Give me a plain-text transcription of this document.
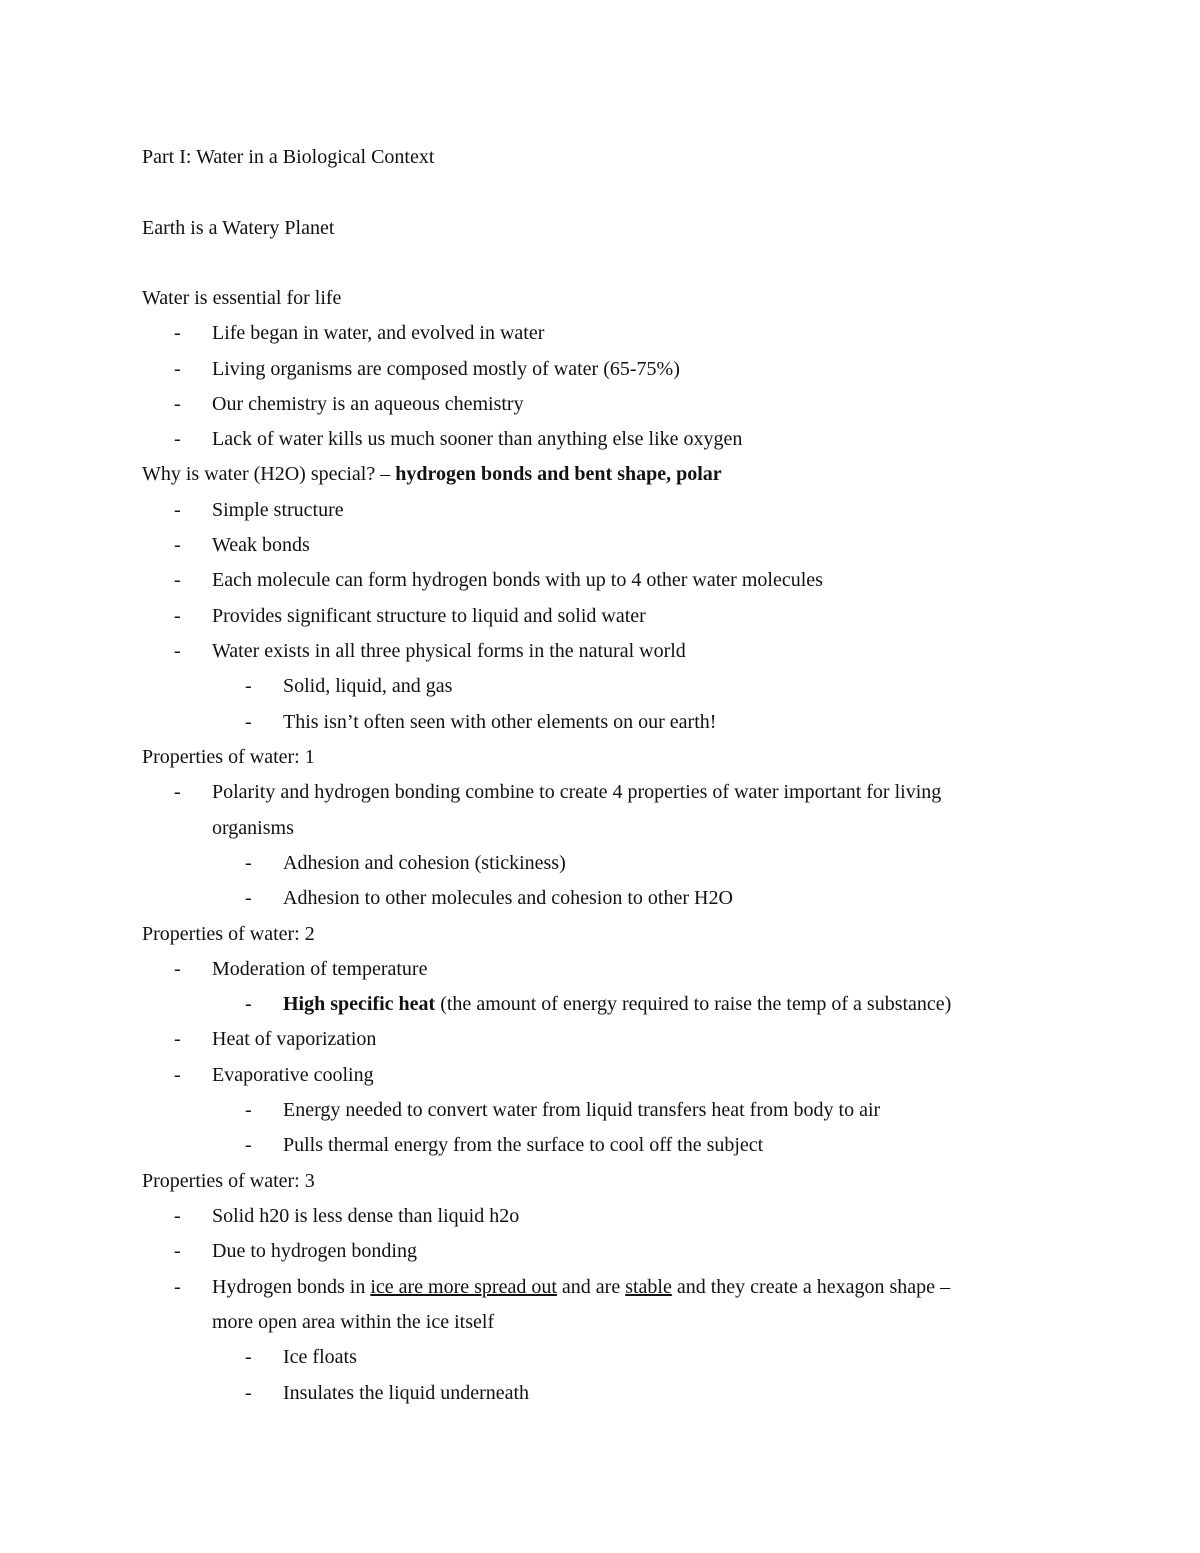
Part I: Water in a Biological Context
Earth is a Watery Planet
Water is essential for life
-	Life began in water, and evolved in water
-	Living organisms are composed mostly of water (65-75%)
-	Our chemistry is an aqueous chemistry
-	Lack of water kills us much sooner than anything else like oxygen
Why is water (H2O) special? – hydrogen bonds and bent shape, polar
-	Simple structure
-	Weak bonds
-	Each molecule can form hydrogen bonds with up to 4 other water molecules
-	Provides significant structure to liquid and solid water
-	Water exists in all three physical forms in the natural world
-	Solid, liquid, and gas
-	This isn’t often seen with other elements on our earth!
Properties of water: 1
-	Polarity and hydrogen bonding combine to create 4 properties of water important for living
organisms
-	Adhesion and cohesion (stickiness)
-	Adhesion to other molecules and cohesion to other H2O
Properties of water: 2
-	Moderation of temperature
-	High specific heat (the amount of energy required to raise the temp of a substance)
-	Heat of vaporization
-	Evaporative cooling
-	Energy needed to convert water from liquid transfers heat from body to air
-	Pulls thermal energy from the surface to cool off the subject
Properties of water: 3
-	Solid h20 is less dense than liquid h2o
-	Due to hydrogen bonding
-	Hydrogen bonds in ice are more spread out and are stable and they create a hexagon shape –
more open area within the ice itself
-	Ice floats
-	Insulates the liquid underneath
